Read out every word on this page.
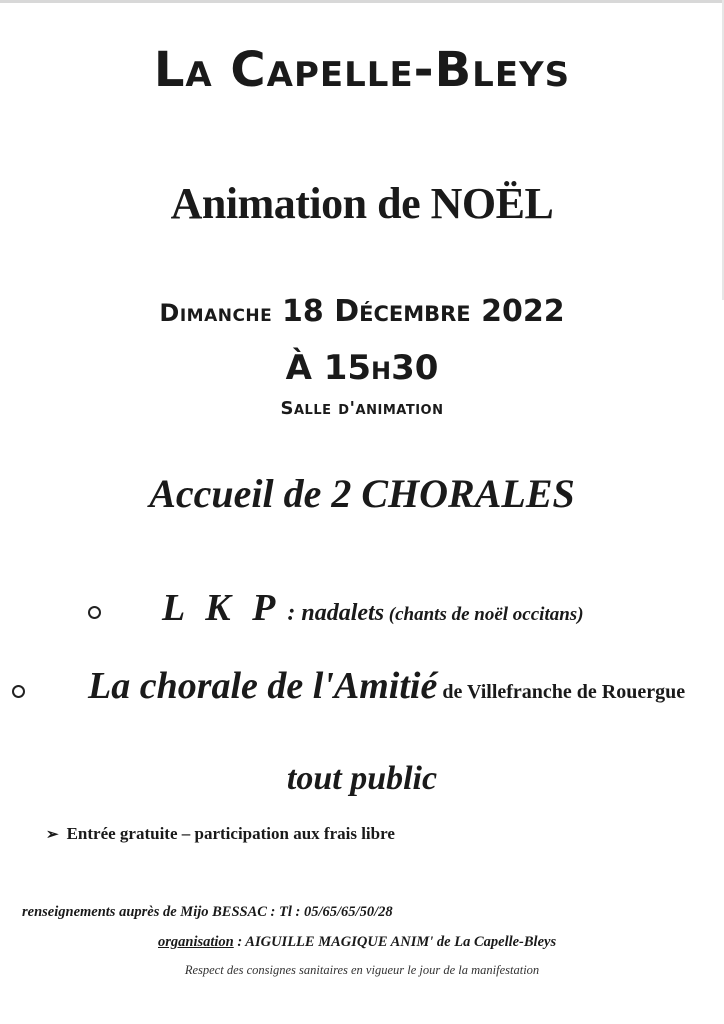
La Capelle-Bleys
Animation de NOËL
Dimanche 18 Décembre 2022
À 15h30
Salle d'animation
Accueil de 2 CHORALES
L K P : nadalets (chants de noël occitans)
La chorale de l'Amitié de Villefranche de Rouergue
tout public
➢ Entrée gratuite – participation aux frais libre
renseignements auprès de Mijo BESSAC : Tl : 05/65/65/50/28
organisation : AIGUILLE MAGIQUE ANIM' de La Capelle-Bleys
Respect des consignes sanitaires en vigueur le jour de la manifestation
